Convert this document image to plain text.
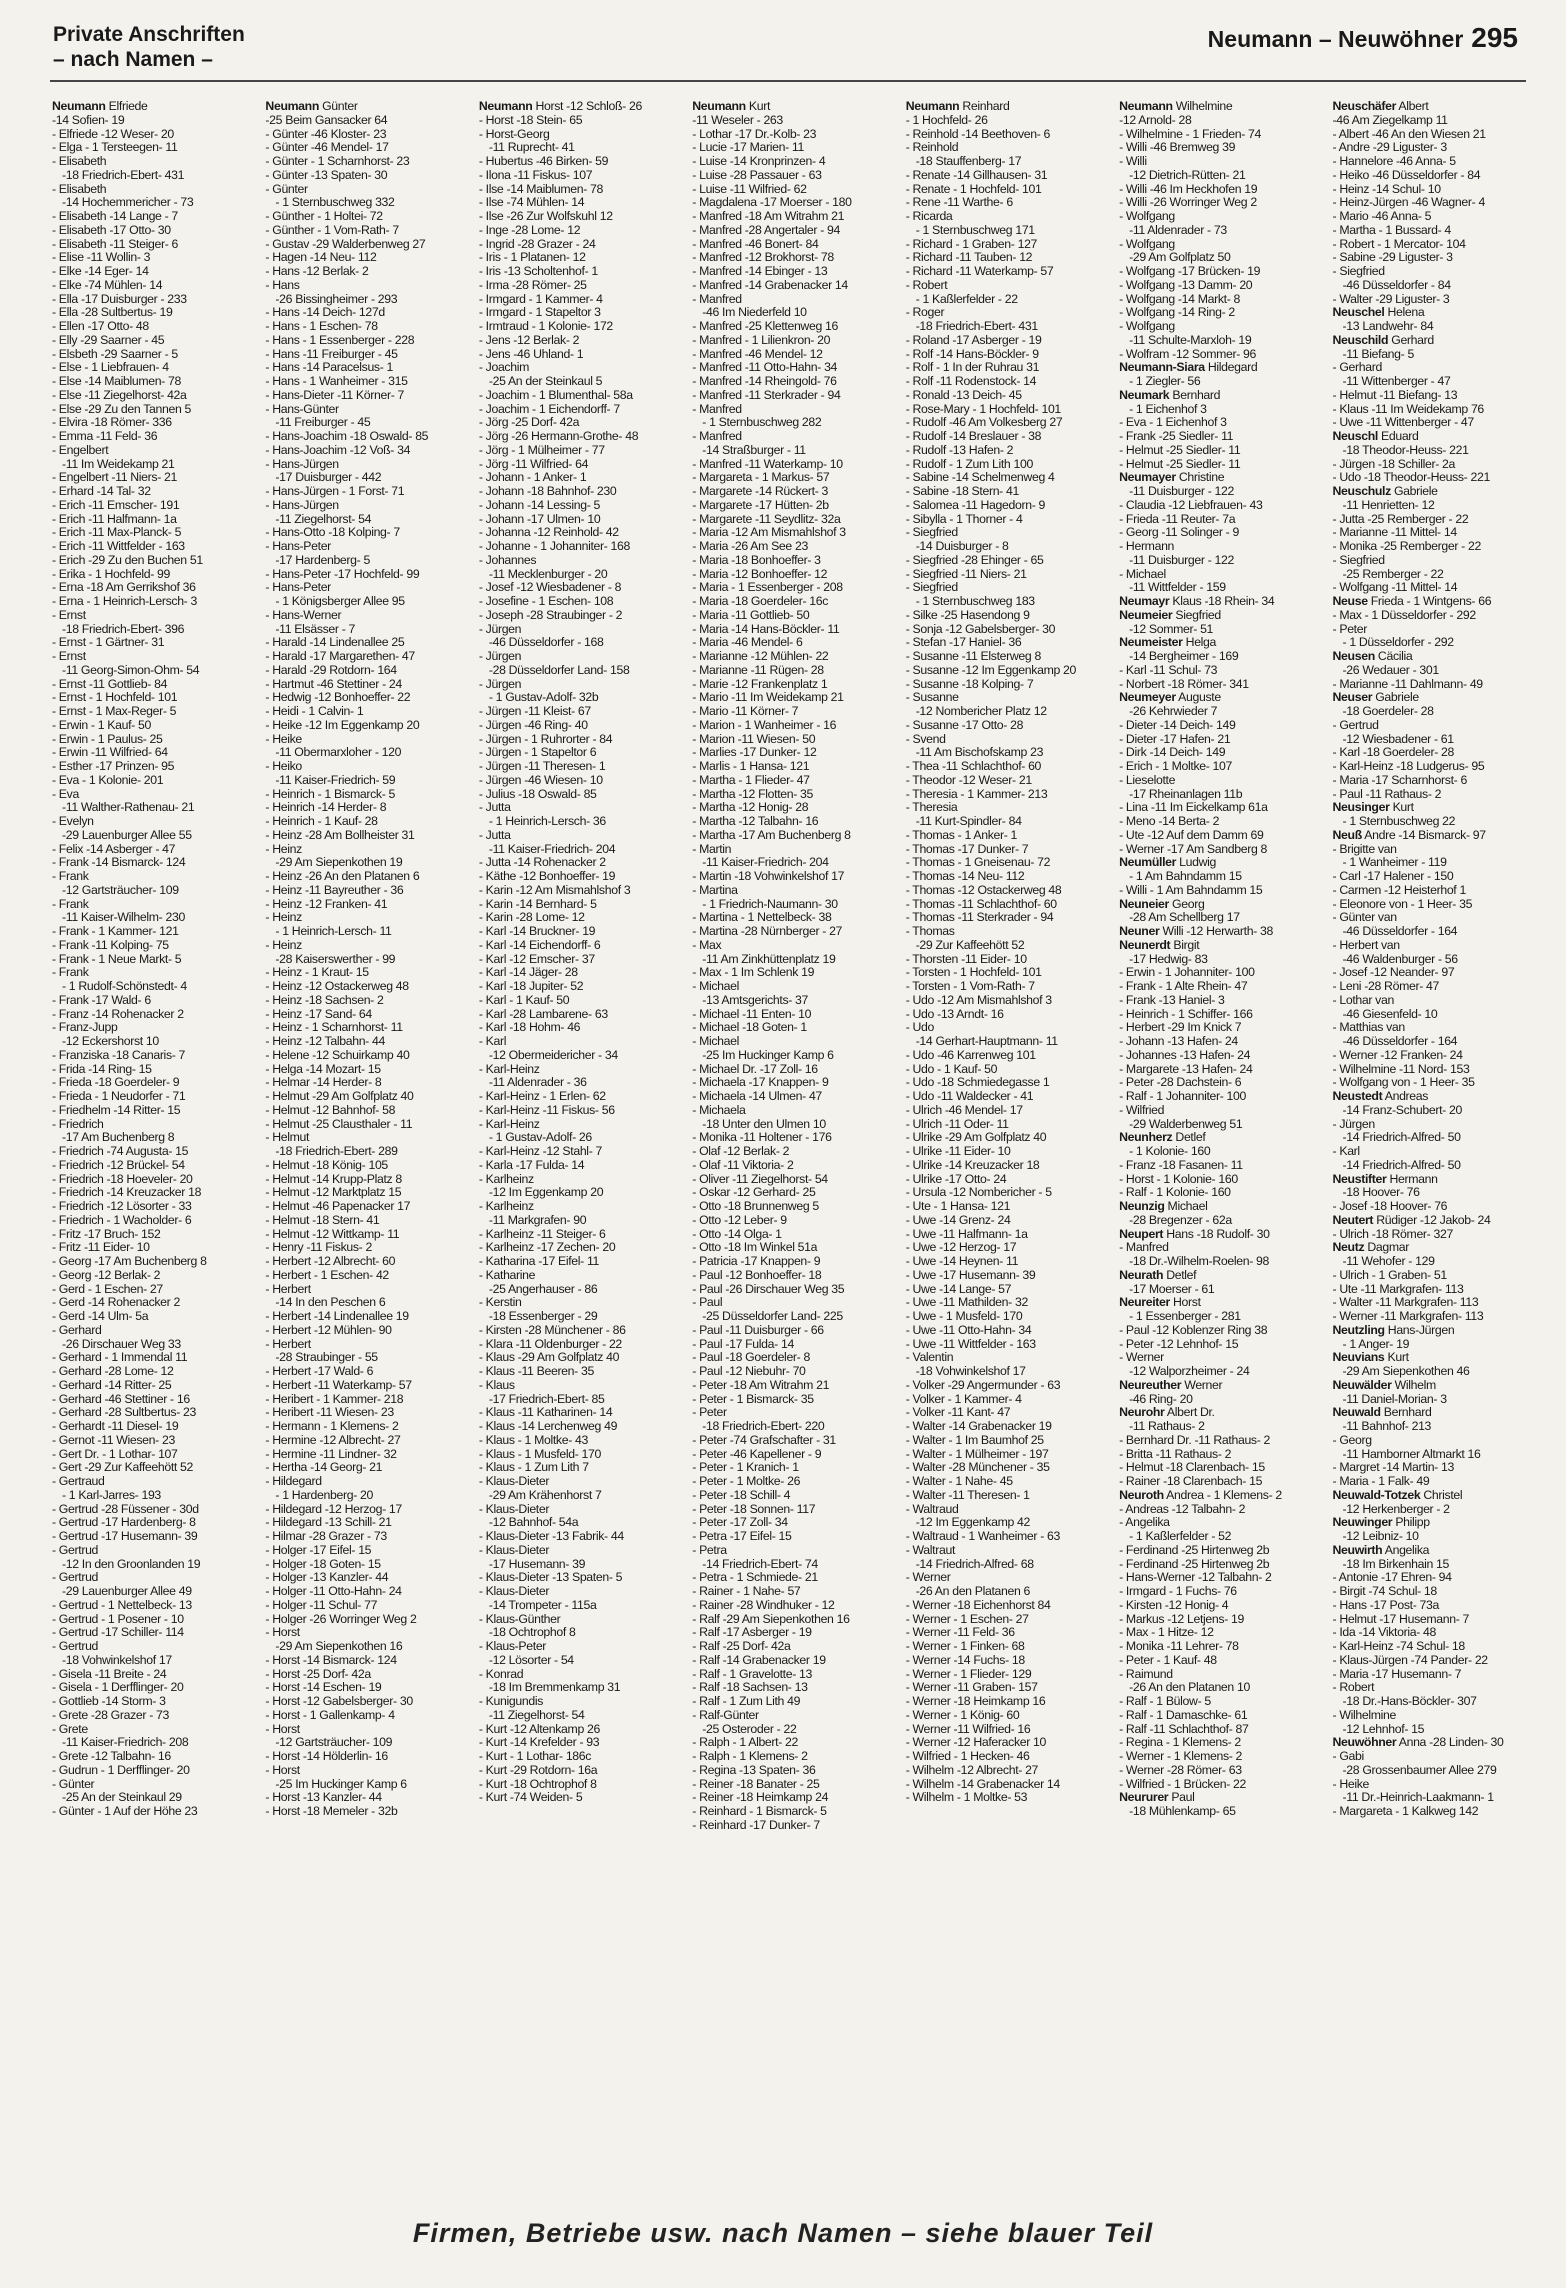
Private Anschriften
– nach Namen –
Neumann – Neuwöhner 295
Neumann Elfriede
-14 Sofien- 19
- Elfriede -12 Weser- 20
- Elga - 1 Tersteegen- 11
- Elisabeth
-18 Friedrich-Ebert- 431
- Elisabeth
-14 Hochemmericher - 73
- Elisabeth -14 Lange - 7
- Elisabeth -17 Otto- 30
- Elisabeth -11 Steiger- 6
- Elise -11 Wollin- 3
- Elke -14 Eger- 14
- Elke -74 Mühlen- 14
- Ella -17 Duisburger - 233
- Ella -28 Sultbertus- 19
- Ellen -17 Otto- 48
- Elly -29 Saarner - 45
- Elsbeth -29 Saarner - 5
- Else - 1 Liebfrauen- 4
- Else -14 Maiblumen- 78
- Else -11 Ziegelhorst- 42a
- Else -29 Zu den Tannen 5
- Elvira -18 Römer- 336
- Emma -11 Feld- 36
- Engelbert
-11 Im Weidekamp 21
- Engelbert -11 Niers- 21
- Erhard -14 Tal- 32
- Erich -11 Emscher- 191
- Erich -11 Halfmann- 1a
- Erich -11 Max-Planck- 5
- Erich -11 Wittfelder - 163
- Erich -29 Zu den Buchen 51
- Erika - 1 Hochfeld- 99
- Erna -18 Am Gerrikshof 36
- Erna - 1 Heinrich-Lersch- 3
- Ernst
-18 Friedrich-Ebert- 396
- Ernst - 1 Gärtner- 31
- Ernst
-11 Georg-Simon-Ohm- 54
- Ernst -11 Gottlieb- 84
- Ernst - 1 Hochfeld- 101
- Ernst - 1 Max-Reger- 5
- Erwin - 1 Kauf- 50
- Erwin - 1 Paulus- 25
- Erwin -11 Wilfried- 64
- Esther -17 Prinzen- 95
- Eva - 1 Kolonie- 201
- Eva
-11 Walther-Rathenau- 21
- Evelyn
-29 Lauenburger Allee 55
- Felix -14 Asberger - 47
- Frank -14 Bismarck- 124
- Frank
-12 Gartsträucher- 109
- Frank
-11 Kaiser-Wilhelm- 230
- Frank - 1 Kammer- 121
- Frank -11 Kolping- 75
- Frank - 1 Neue Markt- 5
- Frank
- 1 Rudolf-Schönstedt- 4
- Frank -17 Wald- 6
- Franz -14 Rohenacker 2
- Franz-Jupp
-12 Eckershorst 10
- Franziska -18 Canaris- 7
- Frida -14 Ring- 15
- Frieda -18 Goerdeler- 9
- Frieda - 1 Neudorfer - 71
- Friedhelm -14 Ritter- 15
- Friedrich
-17 Am Buchenberg 8
- Friedrich -74 Augusta- 15
- Friedrich -12 Brückel- 54
- Friedrich -18 Hoeveler- 20
- Friedrich -14 Kreuzacker 18
- Friedrich -12 Lösorter - 33
- Friedrich - 1 Wacholder- 6
- Fritz -17 Bruch- 152
- Fritz -11 Eider- 10
- Georg -17 Am Buchenberg 8
- Georg -12 Berlak- 2
- Gerd - 1 Eschen- 27
- Gerd -14 Rohenacker 2
- Gerd -14 Ulm- 5a
- Gerhard
-26 Dirschauer Weg 33
- Gerhard - 1 Immendal 11
- Gerhard -28 Lome- 12
- Gerhard -14 Ritter- 25
- Gerhard -46 Stettiner - 16
- Gerhard -28 Sultbertus- 23
- Gerhardt -11 Diesel- 19
- Gernot -11 Wiesen- 23
- Gert Dr. - 1 Lothar- 107
- Gert -29 Zur Kaffeehött 52
- Gertraud
- 1 Karl-Jarres- 193
- Gertrud -28 Füssener - 30d
- Gertrud -17 Hardenberg- 8
- Gertrud -17 Husemann- 39
- Gertrud
-12 In den Groonlanden 19
- Gertrud
-29 Lauenburger Allee 49
- Gertrud - 1 Nettelbeck- 13
- Gertrud - 1 Posener - 10
- Gertrud -17 Schiller- 114
- Gertrud
-18 Vohwinkelshof 17
- Gisela -11 Breite - 24
- Gisela - 1 Derfflinger- 20
- Gottlieb -14 Storm- 3
- Grete -28 Grazer - 73
- Grete
-11 Kaiser-Friedrich- 208
- Grete -12 Talbahn- 16
- Gudrun - 1 Derfflinger- 20
- Günter
-25 An der Steinkaul 29
- Günter - 1 Auf der Höhe 23
Neumann Günter
-25 Beim Gansacker 64
- Günter -46 Kloster- 23
- Günter -46 Mendel- 17
- Günter - 1 Scharnhorst- 23
- Günter -13 Spaten- 30
- Günter
- 1 Sternbuschweg 332
- Günther - 1 Holtei- 72
- Günther - 1 Vom-Rath- 7
- Gustav -29 Walderbenweg 27
- Hagen -14 Neu- 112
- Hans -12 Berlak- 2
- Hans
-26 Bissingheimer - 293
- Hans -14 Deich- 127d
- Hans - 1 Eschen- 78
- Hans - 1 Essenberger - 228
- Hans -11 Freiburger - 45
- Hans -14 Paracelsus- 1
- Hans - 1 Wanheimer - 315
- Hans-Dieter -11 Körner- 7
- Hans-Günter
-11 Freiburger - 45
- Hans-Joachim -18 Oswald- 85
- Hans-Joachim -12 Voß- 34
- Hans-Jürgen
-17 Duisburger - 442
- Hans-Jürgen - 1 Forst- 71
- Hans-Jürgen
-11 Ziegelhorst- 54
- Hans-Otto -18 Kolping- 7
- Hans-Peter
-17 Hardenberg- 5
- Hans-Peter -17 Hochfeld- 99
- Hans-Peter
- 1 Königsberger Allee 95
- Hans-Werner
-11 Elsässer - 7
- Harald -14 Lindenallee 25
- Harald -17 Margarethen- 47
- Harald -29 Rotdorn- 164
- Hartmut -46 Stettiner - 24
- Hedwig -12 Bonhoeffer- 22
- Heidi - 1 Calvin- 1
- Heike -12 Im Eggenkamp 20
- Heike
-11 Obermarxloher - 120
- Heiko
-11 Kaiser-Friedrich- 59
- Heinrich - 1 Bismarck- 5
- Heinrich -14 Herder- 8
- Heinrich - 1 Kauf- 28
- Heinz -28 Am Bollheister 31
- Heinz
-29 Am Siepenkothen 19
- Heinz -26 An den Platanen 6
- Heinz -11 Bayreuther - 36
- Heinz -12 Franken- 41
- Heinz
- 1 Heinrich-Lersch- 11
- Heinz
-28 Kaiserswerther - 99
- Heinz - 1 Kraut- 15
- Heinz -12 Ostackerweg 48
- Heinz -18 Sachsen- 2
- Heinz -17 Sand- 64
- Heinz - 1 Scharnhorst- 11
- Heinz -12 Talbahn- 44
- Helene -12 Schuirkamp 40
- Helga -14 Mozart- 15
- Helmar -14 Herder- 8
- Helmut -29 Am Golfplatz 40
- Helmut -12 Bahnhof- 58
- Helmut -25 Clausthaler - 11
- Helmut
-18 Friedrich-Ebert- 289
- Helmut -18 König- 105
- Helmut -14 Krupp-Platz 8
- Helmut -12 Marktplatz 15
- Helmut -46 Papenacker 17
- Helmut -18 Stern- 41
- Helmut -12 Wittkamp- 11
- Henry -11 Fiskus- 2
- Herbert -12 Albrecht- 60
- Herbert - 1 Eschen- 42
- Herbert
-14 In den Peschen 6
- Herbert -14 Lindenallee 19
- Herbert -12 Mühlen- 90
- Herbert
-28 Straubinger - 55
- Herbert -17 Wald- 6
- Herbert -11 Waterkamp- 57
- Heribert - 1 Kammer- 218
- Heribert -11 Wiesen- 23
- Hermann - 1 Klemens- 2
- Hermine -12 Albrecht- 27
- Hermine -11 Lindner- 32
- Hertha -14 Georg- 21
- Hildegard
- 1 Hardenberg- 20
- Hildegard -12 Herzog- 17
- Hildegard -13 Schill- 21
- Hilmar -28 Grazer - 73
- Holger -17 Eifel- 15
- Holger -18 Goten- 15
- Holger -13 Kanzler- 44
- Holger -11 Otto-Hahn- 24
- Holger -11 Schul- 77
- Holger -26 Worringer Weg 2
- Horst
-29 Am Siepenkothen 16
- Horst -14 Bismarck- 124
- Horst -25 Dorf- 42a
- Horst -14 Eschen- 19
- Horst -12 Gabelsberger- 30
- Horst - 1 Gallenkamp- 4
- Horst
-12 Gartsträucher- 109
- Horst -14 Hölderlin- 16
- Horst
-25 Im Huckinger Kamp 6
- Horst -13 Kanzler- 44
- Horst -18 Memeler - 32b
Neumann Horst -12 Schloß- 26
- Horst -18 Stein- 65
- Horst-Georg
-11 Ruprecht- 41
- Hubertus -46 Birken- 59
- Ilona -11 Fiskus- 107
- Ilse -14 Maiblumen- 78
- Ilse -74 Mühlen- 14
- Ilse -26 Zur Wolfskuhl 12
- Inge -28 Lome- 12
- Ingrid -28 Grazer - 24
- Iris - 1 Platanen- 12
- Iris -13 Scholtenhof- 1
- Irma -28 Römer- 25
- Irmgard - 1 Kammer- 4
- Irmgard - 1 Stapeltor 3
- Irmtraud - 1 Kolonie- 172
- Jens -12 Berlak- 2
- Jens -46 Uhland- 1
- Joachim
-25 An der Steinkaul 5
- Joachim - 1 Blumenthal- 58a
- Joachim - 1 Eichendorff- 7
- Jörg -25 Dorf- 42a
- Jörg -26 Hermann-Grothe- 48
- Jörg - 1 Mülheimer - 77
- Jörg -11 Wilfried- 64
- Johann - 1 Anker- 1
- Johann -18 Bahnhof- 230
- Johann -14 Lessing- 5
- Johann -17 Ulmen- 10
- Johanna -12 Reinhold- 42
- Johanne - 1 Johanniter- 168
- Johannes
-11 Mecklenburger - 20
- Josef -12 Wiesbadener - 8
- Josefine - 1 Eschen- 108
- Joseph -28 Straubinger - 2
- Jürgen
-46 Düsseldorfer - 168
- Jürgen
-28 Düsseldorfer Land- 158
- Jürgen
- 1 Gustav-Adolf- 32b
- Jürgen -11 Kleist- 67
- Jürgen -46 Ring- 40
- Jürgen - 1 Ruhrorter - 84
- Jürgen - 1 Stapeltor 6
- Jürgen -11 Theresen- 1
- Jürgen -46 Wiesen- 10
- Julius -18 Oswald- 85
- Jutta
- 1 Heinrich-Lersch- 36
- Jutta
-11 Kaiser-Friedrich- 204
- Jutta -14 Rohenacker 2
- Käthe -12 Bonhoeffer- 19
- Karin -12 Am Mismahlshof 3
- Karin -14 Bernhard- 5
- Karin -28 Lome- 12
- Karl -14 Bruckner- 19
- Karl -14 Eichendorff- 6
- Karl -12 Emscher- 37
- Karl -14 Jäger- 28
- Karl -18 Jupiter- 52
- Karl - 1 Kauf- 50
- Karl -28 Lambarene- 63
- Karl -18 Hohm- 46
- Karl
-12 Obermeidericher - 34
- Karl-Heinz
-11 Aldenrader - 36
- Karl-Heinz - 1 Erlen- 62
- Karl-Heinz -11 Fiskus- 56
- Karl-Heinz
- 1 Gustav-Adolf- 26
- Karl-Heinz -12 Stahl- 7
- Karla -17 Fulda- 14
- Karlheinz
-12 Im Eggenkamp 20
- Karlheinz
-11 Markgrafen- 90
- Karlheinz -11 Steiger- 6
- Karlheinz -17 Zechen- 20
- Katharina -17 Eifel- 11
- Katharine
-25 Angerhauser - 86
- Kerstin
-18 Essenberger - 29
- Kirsten -28 Münchener - 86
- Klara -11 Oldenburger - 22
- Klaus -29 Am Golfplatz 40
- Klaus -11 Beeren- 35
- Klaus
-17 Friedrich-Ebert- 85
- Klaus -11 Katharinen- 14
- Klaus -14 Lerchenweg 49
- Klaus - 1 Moltke- 43
- Klaus - 1 Musfeld- 170
- Klaus - 1 Zum Lith 7
- Klaus-Dieter
-29 Am Krähenhorst 7
- Klaus-Dieter
-12 Bahnhof- 54a
- Klaus-Dieter -13 Fabrik- 44
- Klaus-Dieter
-17 Husemann- 39
- Klaus-Dieter -13 Spaten- 5
- Klaus-Dieter
-14 Trompeter - 115a
- Klaus-Günther
-18 Ochtrophof 8
- Klaus-Peter
-12 Lösorter - 54
- Konrad
-18 Im Bremmenkamp 31
- Kunigundis
-11 Ziegelhorst- 54
- Kurt -12 Altenkamp 26
- Kurt -14 Krefelder - 93
- Kurt - 1 Lothar- 186c
- Kurt -29 Rotdorn- 16a
- Kurt -18 Ochtrophof 8
- Kurt -74 Weiden- 5
Neumann Kurt
-11 Weseler - 263
- Lothar -17 Dr.-Kolb- 23
- Lucie -17 Marien- 11
- Luise -14 Kronprinzen- 4
- Luise -28 Passauer - 63
- Luise -11 Wilfried- 62
- Magdalena -17 Moerser - 180
- Manfred -18 Am Witrahm 21
- Manfred -28 Angertaler - 94
- Manfred -46 Bonert- 84
- Manfred -12 Brokhorst- 78
- Manfred -14 Ebinger - 13
- Manfred -14 Grabenacker 14
- Manfred
-46 Im Niederfeld 10
- Manfred -25 Klettenweg 16
- Manfred - 1 Lilienkron- 20
- Manfred -46 Mendel- 12
- Manfred -11 Otto-Hahn- 34
- Manfred -14 Rheingold- 76
- Manfred -11 Sterkrader - 94
- Manfred
- 1 Sternbuschweg 282
- Manfred
-14 Straßburger - 11
- Manfred -11 Waterkamp- 10
- Margareta - 1 Markus- 57
- Margarete -14 Rückert- 3
- Margarete -17 Hütten- 2b
- Margarete -11 Seydlitz- 32a
- Maria -12 Am Mismahlshof 3
- Maria -26 Am See 23
- Maria -18 Bonhoeffer- 3
- Maria -12 Bonhoeffer- 12
- Maria - 1 Essenberger - 208
- Maria -18 Goerdeler- 16c
- Maria -11 Gottlieb- 50
- Maria -14 Hans-Böckler- 11
- Maria -46 Mendel- 6
- Marianne -12 Mühlen- 22
- Marianne -11 Rügen- 28
- Marie -12 Frankenplatz 1
- Mario -11 Im Weidekamp 21
- Mario -11 Körner- 7
- Marion - 1 Wanheimer - 16
- Marion -11 Wiesen- 50
- Marlies -17 Dunker- 12
- Marlis - 1 Hansa- 121
- Martha - 1 Flieder- 47
- Martha -12 Flotten- 35
- Martha -12 Honig- 28
- Martha -12 Talbahn- 16
- Martha -17 Am Buchenberg 8
- Martin
-11 Kaiser-Friedrich- 204
- Martin -18 Vohwinkelshof 17
- Martina
- 1 Friedrich-Naumann- 30
- Martina - 1 Nettelbeck- 38
- Martina -28 Nürnberger - 27
- Max
-11 Am Zinkhüttenplatz 19
- Max - 1 Im Schlenk 19
- Michael
-13 Amtsgerichts- 37
- Michael -11 Enten- 10
- Michael -18 Goten- 1
- Michael
-25 Im Huckinger Kamp 6
- Michael Dr. -17 Zoll- 16
- Michaela -17 Knappen- 9
- Michaela -14 Ulmen- 47
- Michaela
-18 Unter den Ulmen 10
- Monika -11 Holtener - 176
- Olaf -12 Berlak- 2
- Olaf -11 Viktoria- 2
- Oliver -11 Ziegelhorst- 54
- Oskar -12 Gerhard- 25
- Otto -18 Brunnenweg 5
- Otto -12 Leber- 9
- Otto -14 Olga- 1
- Otto -18 Im Winkel 51a
- Patricia -17 Knappen- 9
- Paul -12 Bonhoeffer- 18
- Paul -26 Dirschauer Weg 35
- Paul
-25 Düsseldorfer Land- 225
- Paul -11 Duisburger - 66
- Paul -17 Fulda- 14
- Paul -18 Goerdeler- 8
- Paul -12 Niebuhr- 70
- Peter -18 Am Witrahm 21
- Peter - 1 Bismarck- 35
- Peter
-18 Friedrich-Ebert- 220
- Peter -74 Grafschafter - 31
- Peter -46 Kapellener - 9
- Peter - 1 Kranich- 1
- Peter - 1 Moltke- 26
- Peter -18 Schill- 4
- Peter -18 Sonnen- 117
- Peter -17 Zoll- 34
- Petra -17 Eifel- 15
- Petra
-14 Friedrich-Ebert- 74
- Petra - 1 Schmiede- 21
- Rainer - 1 Nahe- 57
- Rainer -28 Windhuker - 12
- Ralf -29 Am Siepenkothen 16
- Ralf -17 Asberger - 19
- Ralf -25 Dorf- 42a
- Ralf -14 Grabenacker 19
- Ralf - 1 Gravelotte- 13
- Ralf -18 Sachsen- 13
- Ralf - 1 Zum Lith 49
- Ralf-Günter
-25 Osteroder - 22
- Ralph - 1 Albert- 22
- Ralph - 1 Klemens- 2
- Regina -13 Spaten- 36
- Reiner -18 Banater - 25
- Reiner -18 Heimkamp 24
- Reinhard - 1 Bismarck- 5
- Reinhard -17 Dunker- 7
Neumann Reinhard
- 1 Hochfeld- 26
- Reinhold -14 Beethoven- 6
- Reinhold
-18 Stauffenberg- 17
- Renate -14 Gillhausen- 31
- Renate - 1 Hochfeld- 101
- Rene -11 Warthe- 6
- Ricarda
- 1 Sternbuschweg 171
- Richard - 1 Graben- 127
- Richard -11 Tauben- 12
- Richard -11 Waterkamp- 57
- Robert
- 1 Kaßlerfelder - 22
- Roger
-18 Friedrich-Ebert- 431
- Roland -17 Asberger - 19
- Rolf -14 Hans-Böckler- 9
- Rolf - 1 In der Ruhrau 31
- Rolf -11 Rodenstock- 14
- Ronald -13 Deich- 45
- Rose-Mary - 1 Hochfeld- 101
- Rudolf -46 Am Volkesberg 27
- Rudolf -14 Breslauer - 38
- Rudolf -13 Hafen- 2
- Rudolf - 1 Zum Lith 100
- Sabine -14 Schelmenweg 4
- Sabine -18 Stern- 41
- Salomea -11 Hagedorn- 9
- Sibylla - 1 Thorner - 4
- Siegfried
-14 Duisburger - 8
- Siegfried -28 Ehinger - 65
- Siegfried -11 Niers- 21
- Siegfried
- 1 Sternbuschweg 183
- Silke -25 Hasendong 9
- Sonja -12 Gabelsberger- 30
- Stefan -17 Haniel- 36
- Susanne -11 Elsterweg 8
- Susanne -12 Im Eggenkamp 20
- Susanne -18 Kolping- 7
- Susanne
-12 Nombericher Platz 12
- Susanne -17 Otto- 28
- Svend
-11 Am Bischofskamp 23
- Thea -11 Schlachthof- 60
- Theodor -12 Weser- 21
- Theresia - 1 Kammer- 213
- Theresia
-11 Kurt-Spindler- 84
- Thomas - 1 Anker- 1
- Thomas -17 Dunker- 7
- Thomas - 1 Gneisenau- 72
- Thomas -14 Neu- 112
- Thomas -12 Ostackerweg 48
- Thomas -11 Schlachthof- 60
- Thomas -11 Sterkrader - 94
- Thomas
-29 Zur Kaffeehött 52
- Thorsten -11 Eider- 10
- Torsten - 1 Hochfeld- 101
- Torsten - 1 Vom-Rath- 7
- Udo -12 Am Mismahlshof 3
- Udo -13 Arndt- 16
- Udo
-14 Gerhart-Hauptmann- 11
- Udo -46 Karrenweg 101
- Udo - 1 Kauf- 50
- Udo -18 Schmiedegasse 1
- Udo -11 Waldecker - 41
- Ulrich -46 Mendel- 17
- Ulrich -11 Oder- 11
- Ulrike -29 Am Golfplatz 40
- Ulrike -11 Eider- 10
- Ulrike -14 Kreuzacker 18
- Ulrike -17 Otto- 24
- Ursula -12 Nombericher - 5
- Ute - 1 Hansa- 121
- Uwe -14 Grenz- 24
- Uwe -11 Halfmann- 1a
- Uwe -12 Herzog- 17
- Uwe -14 Heynen- 11
- Uwe -17 Husemann- 39
- Uwe -14 Lange- 57
- Uwe -11 Mathilden- 32
- Uwe - 1 Musfeld- 170
- Uwe -11 Otto-Hahn- 34
- Uwe -11 Wittfelder - 163
- Valentin
-18 Vohwinkelshof 17
- Volker -29 Angermunder - 63
- Volker - 1 Kammer- 4
- Volker -11 Kant- 47
- Walter -14 Grabenacker 19
- Walter - 1 Im Baumhof 25
- Walter - 1 Mülheimer - 197
- Walter -28 Münchener - 35
- Walter - 1 Nahe- 45
- Walter -11 Theresen- 1
- Waltraud
-12 Im Eggenkamp 42
- Waltraud - 1 Wanheimer - 63
- Waltraut
-14 Friedrich-Alfred- 68
- Werner
-26 An den Platanen 6
- Werner -18 Eichenhorst 84
- Werner - 1 Eschen- 27
- Werner -11 Feld- 36
- Werner - 1 Finken- 68
- Werner -14 Fuchs- 18
- Werner - 1 Flieder- 129
- Werner -11 Graben- 157
- Werner -18 Heimkamp 16
- Werner - 1 König- 60
- Werner -11 Wilfried- 16
- Werner -12 Haferacker 10
- Wilfried - 1 Hecken- 46
- Wilhelm -12 Albrecht- 27
- Wilhelm -14 Grabenacker 14
- Wilhelm - 1 Moltke- 53
Neumann Wilhelmine
-12 Arnold- 28
- Wilhelmine - 1 Frieden- 74
- Willi -46 Bremweg 39
- Willi
-12 Dietrich-Rütten- 21
- Willi -46 Im Heckhofen 19
- Willi -26 Worringer Weg 2
- Wolfgang
-11 Aldenrader - 73
- Wolfgang
-29 Am Golfplatz 50
- Wolfgang -17 Brücken- 19
- Wolfgang -13 Damm- 20
- Wolfgang -14 Markt- 8
- Wolfgang -14 Ring- 2
- Wolfgang
-11 Schulte-Marxloh- 19
- Wolfram -12 Sommer- 96
Neumann-Siara Hildegard
- 1 Ziegler- 56
Neumark Bernhard
- 1 Eichenhof 3
- Eva - 1 Eichenhof 3
- Frank -25 Siedler- 11
- Helmut -25 Siedler- 11
- Helmut -25 Siedler- 11
Neumayer Christine
-11 Duisburger - 122
- Claudia -12 Liebfrauen- 43
- Frieda -11 Reuter- 7a
- Georg -11 Solinger - 9
- Hermann
-11 Duisburger - 122
- Michael
-11 Wittfelder - 159
Neumayr Klaus -18 Rhein- 34
Neumeier Siegfried
-12 Sommer- 51
Neumeister Helga
-14 Bergheimer - 169
- Karl -11 Schul- 73
- Norbert -18 Römer- 341
Neumeyer Auguste
-26 Kehrwieder 7
- Dieter -14 Deich- 149
- Dieter -17 Hafen- 21
- Dirk -14 Deich- 149
- Erich - 1 Moltke- 107
- Lieselotte
-17 Rheinanlagen 11b
- Lina -11 Im Eickelkamp 61a
- Meno -14 Berta- 2
- Ute -12 Auf dem Damm 69
- Werner -17 Am Sandberg 8
Neumüller Ludwig
- 1 Am Bahndamm 15
- Willi - 1 Am Bahndamm 15
Neuneier Georg
-28 Am Schellberg 17
Neuner Willi -12 Herwarth- 38
Neunerdt Birgit
-17 Hedwig- 83
- Erwin - 1 Johanniter- 100
- Frank - 1 Alte Rhein- 47
- Frank -13 Haniel- 3
- Heinrich - 1 Schiffer- 166
- Herbert -29 Im Knick 7
- Johann -13 Hafen- 24
- Johannes -13 Hafen- 24
- Margarete -13 Hafen- 24
- Peter -28 Dachstein- 6
- Ralf - 1 Johanniter- 100
- Wilfried
-29 Walderbenweg 51
Neunherz Detlef
- 1 Kolonie- 160
- Franz -18 Fasanen- 11
- Horst - 1 Kolonie- 160
- Ralf - 1 Kolonie- 160
Neunzig Michael
-28 Bregenzer - 62a
Neupert Hans -18 Rudolf- 30
- Manfred
-18 Dr.-Wilhelm-Roelen- 98
Neurath Detlef
-17 Moerser - 61
Neureiter Horst
- 1 Essenberger - 281
- Paul -12 Koblenzer Ring 38
- Peter -12 Lehnhof- 15
- Werner
-12 Walporzheimer - 24
Neureuther Werner
-46 Ring- 20
Neurohr Albert Dr.
-11 Rathaus- 2
- Bernhard Dr. -11 Rathaus- 2
- Britta -11 Rathaus- 2
- Helmut -18 Clarenbach- 15
- Rainer -18 Clarenbach- 15
Neuroth Andrea - 1 Klemens- 2
- Andreas -12 Talbahn- 2
- Angelika
- 1 Kaßlerfelder - 52
- Ferdinand -25 Hirtenweg 2b
- Ferdinand -25 Hirtenweg 2b
- Hans-Werner -12 Talbahn- 2
- Irmgard - 1 Fuchs- 76
- Kirsten -12 Honig- 4
- Markus -12 Letjens- 19
- Max - 1 Hitze- 12
- Monika -11 Lehrer- 78
- Peter - 1 Kauf- 48
- Raimund
-26 An den Platanen 10
- Ralf - 1 Bülow- 5
- Ralf - 1 Damaschke- 61
- Ralf -11 Schlachthof- 87
- Regina - 1 Klemens- 2
- Werner - 1 Klemens- 2
- Werner -28 Römer- 63
- Wilfried - 1 Brücken- 22
Neururer Paul
-18 Mühlenkamp- 65
Neuschäfer Albert
-46 Am Ziegelkamp 11
- Albert -46 An den Wiesen 21
- Andre -29 Liguster- 3
- Hannelore -46 Anna- 5
- Heiko -46 Düsseldorfer - 84
- Heinz -14 Schul- 10
- Heinz-Jürgen -46 Wagner- 4
- Mario -46 Anna- 5
- Martha - 1 Bussard- 4
- Robert - 1 Mercator- 104
- Sabine -29 Liguster- 3
- Siegfried
-46 Düsseldorfer - 84
- Walter -29 Liguster- 3
Neuschel Helena
-13 Landwehr- 84
Neuschild Gerhard
-11 Biefang- 5
- Gerhard
-11 Wittenberger - 47
- Helmut -11 Biefang- 13
- Klaus -11 Im Weidekamp 76
- Uwe -11 Wittenberger - 47
Neuschl Eduard
-18 Theodor-Heuss- 221
- Jürgen -18 Schiller- 2a
- Udo -18 Theodor-Heuss- 221
Neuschulz Gabriele
-11 Henrietten- 12
- Jutta -25 Remberger - 22
- Marianne -11 Mittel- 14
- Monika -25 Remberger - 22
- Siegfried
-25 Remberger - 22
- Wolfgang -11 Mittel- 14
Neuse Frieda - 1 Wintgens- 66
- Max - 1 Düsseldorfer - 292
- Peter
- 1 Düsseldorfer - 292
Neusen Cäcilia
-26 Wedauer - 301
- Marianne -11 Dahlmann- 49
Neuser Gabriele
-18 Goerdeler- 28
- Gertrud
-12 Wiesbadener - 61
- Karl -18 Goerdeler- 28
- Karl-Heinz -18 Ludgerus- 95
- Maria -17 Scharnhorst- 6
- Paul -11 Rathaus- 2
Neusinger Kurt
- 1 Sternbuschweg 22
Neuß Andre -14 Bismarck- 97
- Brigitte van
- 1 Wanheimer - 119
- Carl -17 Halener - 150
- Carmen -12 Heisterhof 1
- Eleonore von - 1 Heer- 35
- Günter van
-46 Düsseldorfer - 164
- Herbert van
-46 Waldenburger - 56
- Josef -12 Neander- 97
- Leni -28 Römer- 47
- Lothar van
-46 Giesenfeld- 10
- Matthias van
-46 Düsseldorfer - 164
- Werner -12 Franken- 24
- Wilhelmine -11 Nord- 153
- Wolfgang von - 1 Heer- 35
Neustedt Andreas
-14 Franz-Schubert- 20
- Jürgen
-14 Friedrich-Alfred- 50
- Karl
-14 Friedrich-Alfred- 50
Neustifter Hermann
-18 Hoover- 76
- Josef -18 Hoover- 76
Neutert Rüdiger -12 Jakob- 24
- Ulrich -18 Römer- 327
Neutz Dagmar
-11 Wehofer - 129
- Ulrich - 1 Graben- 51
- Ute -11 Markgrafen- 113
- Walter -11 Markgrafen- 113
- Werner -11 Markgrafen- 113
Neutzling Hans-Jürgen
- 1 Anger- 19
Neuvians Kurt
-29 Am Siepenkothen 46
Neuwälder Wilhelm
-11 Daniel-Morian- 3
Neuwald Bernhard
-11 Bahnhof- 213
- Georg
-11 Hamborner Altmarkt 16
- Margret -14 Martin- 13
- Maria - 1 Falk- 49
Neuwald-Totzek Christel
-12 Herkenberger - 2
Neuwinger Philipp
-12 Leibniz- 10
Neuwirth Angelika
-18 Im Birkenhain 15
- Antonie -17 Ehren- 94
- Birgit -74 Schul- 18
- Hans -17 Post- 73a
- Helmut -17 Husemann- 7
- Ida -14 Viktoria- 48
- Karl-Heinz -74 Schul- 18
- Klaus-Jürgen -74 Pander- 22
- Maria -17 Husemann- 7
- Robert
-18 Dr.-Hans-Böckler- 307
- Wilhelmine
-12 Lehnhof- 15
Neuwöhner Anna -28 Linden- 30
- Gabi
-28 Grossenbaumer Allee 279
- Heike
-11 Dr.-Heinrich-Laakmann- 1
- Margareta - 1 Kalkweg 142
Firmen, Betriebe usw. nach Namen – siehe blauer Teil
